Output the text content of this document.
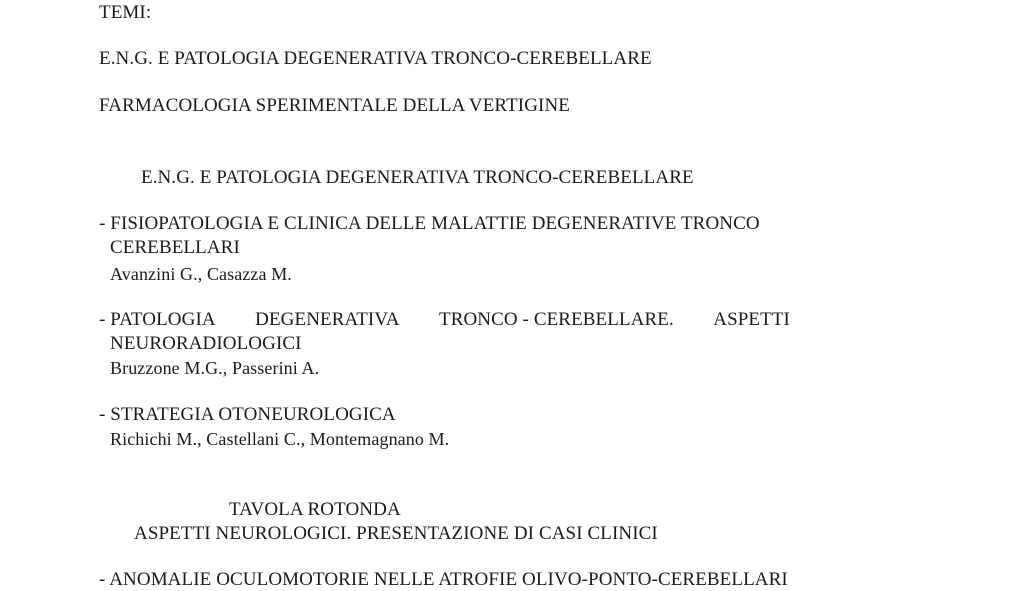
TEMI:
E.N.G. E PATOLOGIA DEGENERATIVA TRONCO-CEREBELLARE
FARMACOLOGIA SPERIMENTALE DELLA VERTIGINE
E.N.G. E PATOLOGIA DEGENERATIVA TRONCO-CEREBELLARE
- FISIOPATOLOGIA E CLINICA DELLE MALATTIE DEGENERATIVE TRONCO
CEREBELLARI
Avanzini G., Casazza M.
- PATOLOGIA DEGENERATIVA TRONCO - CEREBELLARE. ASPETTI
NEURORADIOLOGICI
Bruzzone M.G., Passerini A.
- STRATEGIA OTONEUROLOGICA
Richichi M., Castellani C., Montemagnano M.
TAVOLA ROTONDA
ASPETTI NEUROLOGICI. PRESENTAZIONE DI CASI CLINICI
- ANOMALIE OCULOMOTORIE NELLE ATROFIE OLIVO-PONTO-CEREBELLARI
